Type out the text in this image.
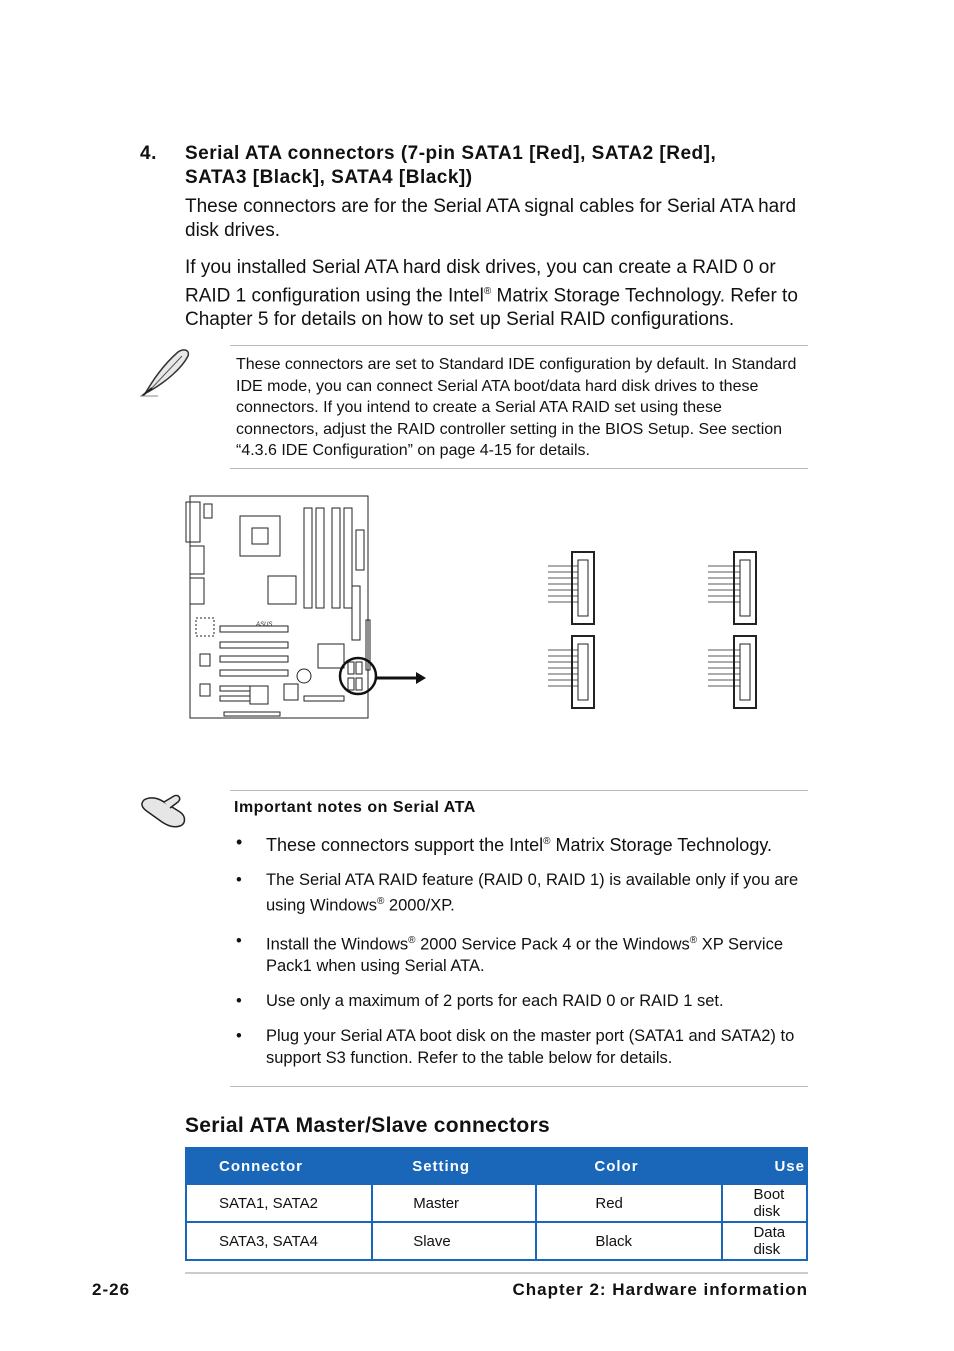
4. Serial ATA connectors (7-pin SATA1 [Red], SATA2 [Red],
SATA3 [Black], SATA4 [Black])
These connectors are for the Serial ATA signal cables for Serial ATA hard disk drives.
If you installed Serial ATA hard disk drives, you can create a RAID 0 or RAID 1 configuration using the Intel® Matrix Storage Technology. Refer to Chapter 5 for details on how to set up Serial RAID configurations.
These connectors are set to Standard IDE configuration by default. In Standard IDE mode, you can connect Serial ATA boot/data hard disk drives to these connectors. If you intend to create a Serial ATA RAID set using these connectors, adjust the RAID controller setting in the BIOS Setup. See section “4.3.6 IDE Configuration” on page 4-15 for details.
ASUS
Important notes on Serial ATA
• These connectors support the Intel® Matrix Storage Technology.
• The Serial ATA RAID feature (RAID 0, RAID 1) is available only if you are using Windows® 2000/XP.
• Install the Windows® 2000 Service Pack 4 or the Windows® XP Service Pack1 when using Serial ATA.
• Use only a maximum of 2 ports for each RAID 0 or RAID 1 set.
• Plug your Serial ATA boot disk on the master port (SATA1 and SATA2) to support S3 function. Refer to the table below for details.
Serial ATA Master/Slave connectors
Connector	Setting	Color	Use
SATA1, SATA2	Master	Red	Boot disk
SATA3, SATA4	Slave	Black	Data disk
2-26	Chapter 2: Hardware information
